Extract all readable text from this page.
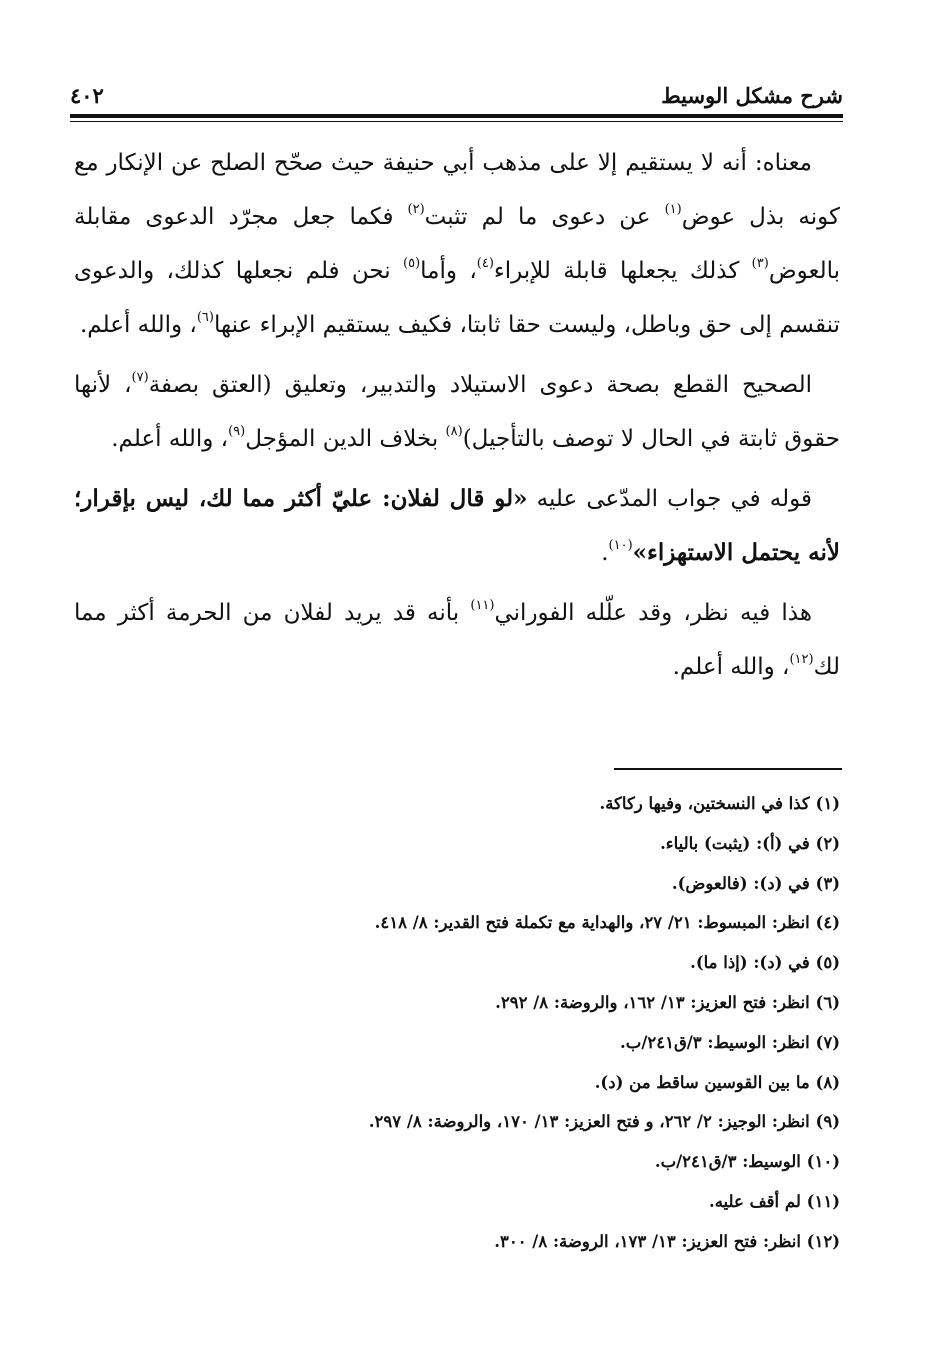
٤٠٢	شرح مشكل الوسيط

معناه: أنه لا يستقيم إلا على مذهب أبي حنيفة حيث صحّح الصلح عن الإنكار مع كونه بذل عوض$^{(١)}$ عن دعوى ما لم تثبت$^{(٢)}$ فكما جعل مجرّد الدعوى مقابلة بالعوض$^{(٣)}$ كذلك يجعلها قابلة للإبراء$^{(٤)}$، وأما$^{(٥)}$ نحن فلم نجعلها كذلك، والدعوى تنقسم إلى حق وباطل، وليست حقا ثابتا، فكيف يستقيم الإبراء عنها$^{(٦)}$، والله أعلم.

الصحيح القطع بصحة دعوى الاستيلاد والتدبير، وتعليق (العتق بصفة$^{(٧)}$، لأنها حقوق ثابتة في الحال لا توصف بالتأجيل)$^{(٨)}$ بخلاف الدين المؤجل$^{(٩)}$، والله أعلم.

قوله في جواب المدّعى عليه «لو قال لفلان: عليّ أكثر مما لك، ليس بإقرار؛ لأنه يحتمل الاستهزاء»$^{(١٠)}$.

هذا فيه نظر، وقد علّله الفوراني$^{(١١)}$ بأنه قد يريد لفلان من الحرمة أكثر مما لك$^{(١٢)}$، والله أعلم.

(١) كذا في النسختين، وفيها ركاكة.
(٢) في (أ): (يثبت) بالياء.
(٣) في (د): (فالعوض).
(٤) انظر: المبسوط: ٢١/ ٢٧، والهداية مع تكملة فتح القدير: ٨/ ٤١٨.
(٥) في (د): (إذا ما).
(٦) انظر: فتح العزيز: ١٣/ ١٦٢، والروضة: ٨/ ٢٩٢.
(٧) انظر: الوسيط: ٣/ق٢٤١/ب.
(٨) ما بين القوسين ساقط من (د).
(٩) انظر: الوجيز: ٢/ ٢٦٢، و فتح العزيز: ١٣/ ١٧٠، والروضة: ٨/ ٢٩٧.
(١٠) الوسيط: ٣/ق٢٤١/ب.
(١١) لم أقف عليه.
(١٢) انظر: فتح العزيز: ١٣/ ١٧٣، الروضة: ٨/ ٣٠٠.
